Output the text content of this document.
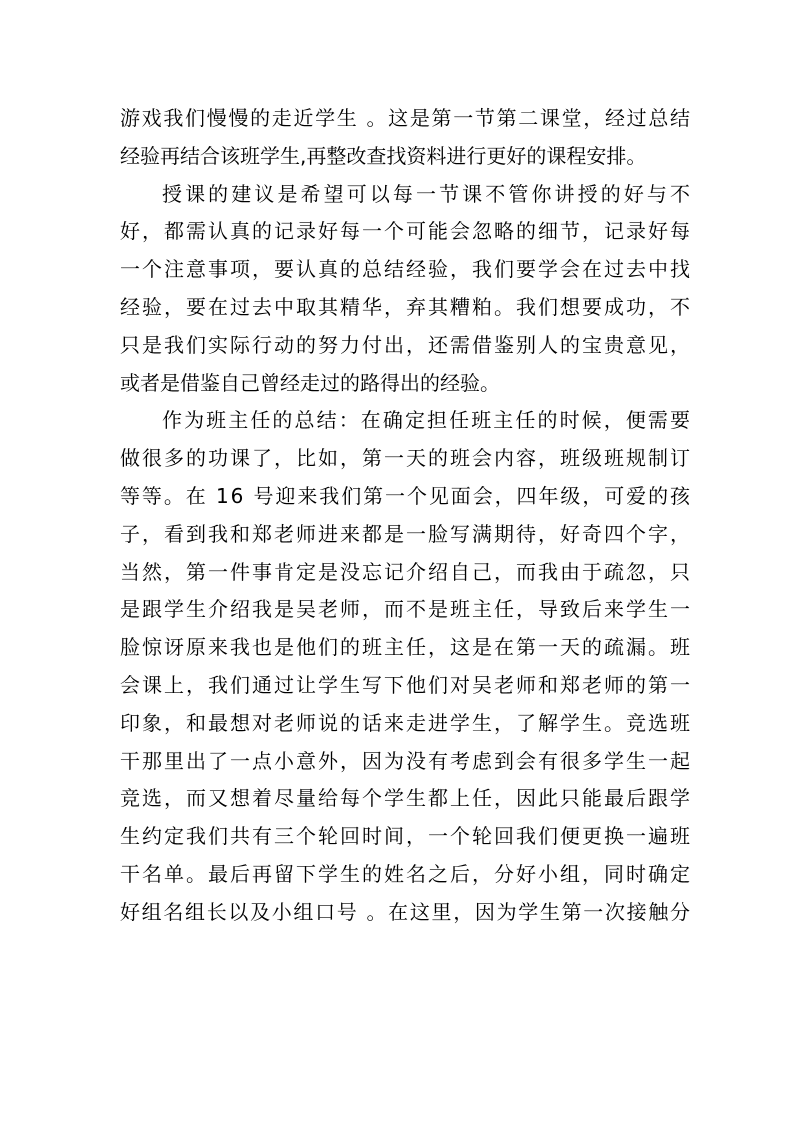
游戏我们慢慢的走近学生 。这是第一节第二课堂，经过总结
经验再结合该班学生,再整改查找资料进行更好的课程安排。
授课的建议是希望可以每一节课不管你讲授的好与不
好，都需认真的记录好每一个可能会忽略的细节，记录好每
一个注意事项，要认真的总结经验，我们要学会在过去中找
经验，要在过去中取其精华，弃其糟粕。我们想要成功，不
只是我们实际行动的努力付出，还需借鉴别人的宝贵意见，
或者是借鉴自己曾经走过的路得出的经验。
作为班主任的总结：在确定担任班主任的时候，便需要
做很多的功课了，比如，第一天的班会内容，班级班规制订
等等。在 16 号迎来我们第一个见面会，四年级，可爱的孩
子，看到我和郑老师进来都是一脸写满期待，好奇四个字，
当然，第一件事肯定是没忘记介绍自己，而我由于疏忽，只
是跟学生介绍我是吴老师，而不是班主任，导致后来学生一
脸惊讶原来我也是他们的班主任，这是在第一天的疏漏。班
会课上，我们通过让学生写下他们对吴老师和郑老师的第一
印象，和最想对老师说的话来走进学生，了解学生。竞选班
干那里出了一点小意外，因为没有考虑到会有很多学生一起
竞选，而又想着尽量给每个学生都上任，因此只能最后跟学
生约定我们共有三个轮回时间，一个轮回我们便更换一遍班
干名单。最后再留下学生的姓名之后，分好小组，同时确定
好组名组长以及小组口号 。在这里，因为学生第一次接触分
